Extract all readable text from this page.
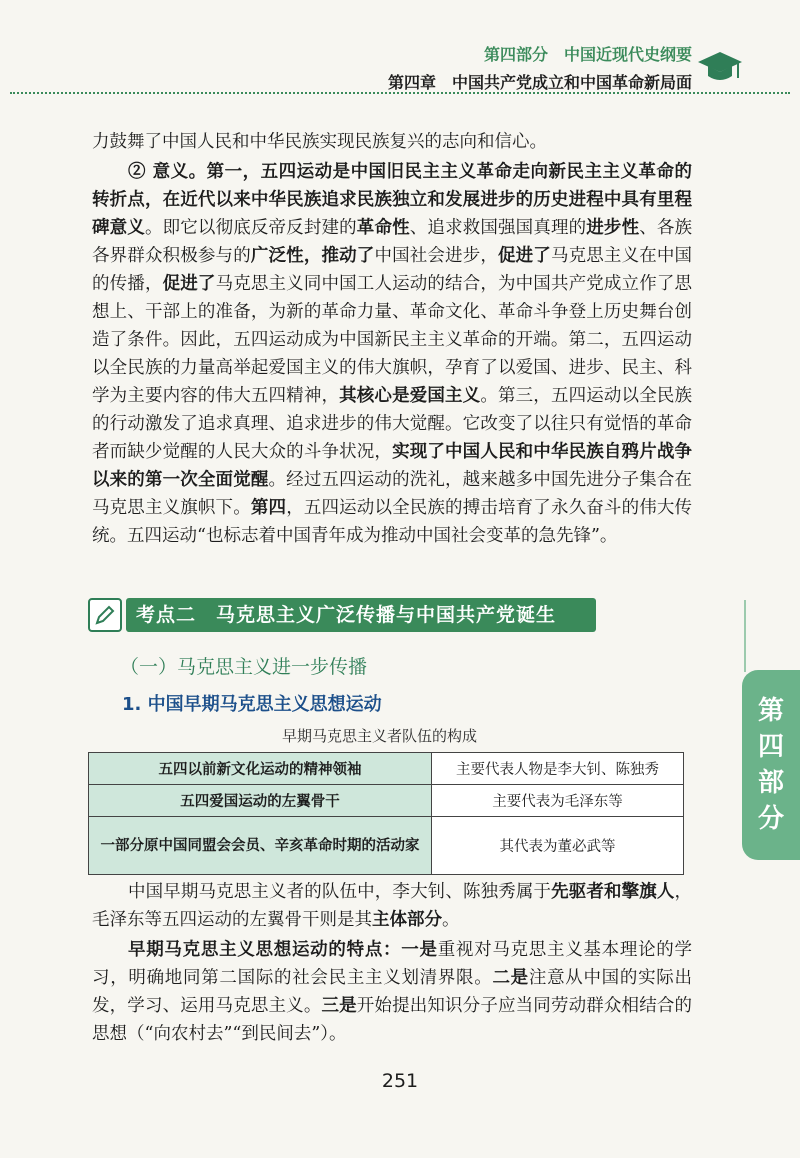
第四部分　中国近现代史纲要
第四章　中国共产党成立和中国革命新局面

力鼓舞了中国人民和中华民族实现民族复兴的志向和信心。

② 意义。第一，五四运动是中国旧民主主义革命走向新民主主义革命的转折点，在近代以来中华民族追求民族独立和发展进步的历史进程中具有里程碑意义。即它以彻底反帝反封建的革命性、追求救国强国真理的进步性、各族各界群众积极参与的广泛性，推动了中国社会进步，促进了马克思主义在中国的传播，促进了马克思主义同中国工人运动的结合，为中国共产党成立作了思想上、干部上的准备，为新的革命力量、革命文化、革命斗争登上历史舞台创造了条件。因此，五四运动成为中国新民主主义革命的开端。第二，五四运动以全民族的力量高举起爱国主义的伟大旗帜，孕育了以爱国、进步、民主、科学为主要内容的伟大五四精神，其核心是爱国主义。第三，五四运动以全民族的行动激发了追求真理、追求进步的伟大觉醒。它改变了以往只有觉悟的革命者而缺少觉醒的人民大众的斗争状况，实现了中国人民和中华民族自鸦片战争以来的第一次全面觉醒。经过五四运动的洗礼，越来越多中国先进分子集合在马克思主义旗帜下。第四，五四运动以全民族的搏击培育了永久奋斗的伟大传统。五四运动“也标志着中国青年成为推动中国社会变革的急先锋”。

考点二　马克思主义广泛传播与中国共产党诞生
（一）马克思主义进一步传播
1. 中国早期马克思主义思想运动
早期马克思主义者队伍的构成
五四以前新文化运动的精神领袖	主要代表人物是李大钊、陈独秀
五四爱国运动的左翼骨干	主要代表为毛泽东等
一部分原中国同盟会会员、辛亥革命时期的活动家	其代表为董必武等

中国早期马克思主义者的队伍中，李大钊、陈独秀属于先驱者和擎旗人，毛泽东等五四运动的左翼骨干则是其主体部分。

早期马克思主义思想运动的特点：一是重视对马克思主义基本理论的学习，明确地同第二国际的社会民主主义划清界限。二是注意从中国的实际出发，学习、运用马克思主义。三是开始提出知识分子应当同劳动群众相结合的思想（“向农村去”“到民间去”）。

第
四
部
分
251
